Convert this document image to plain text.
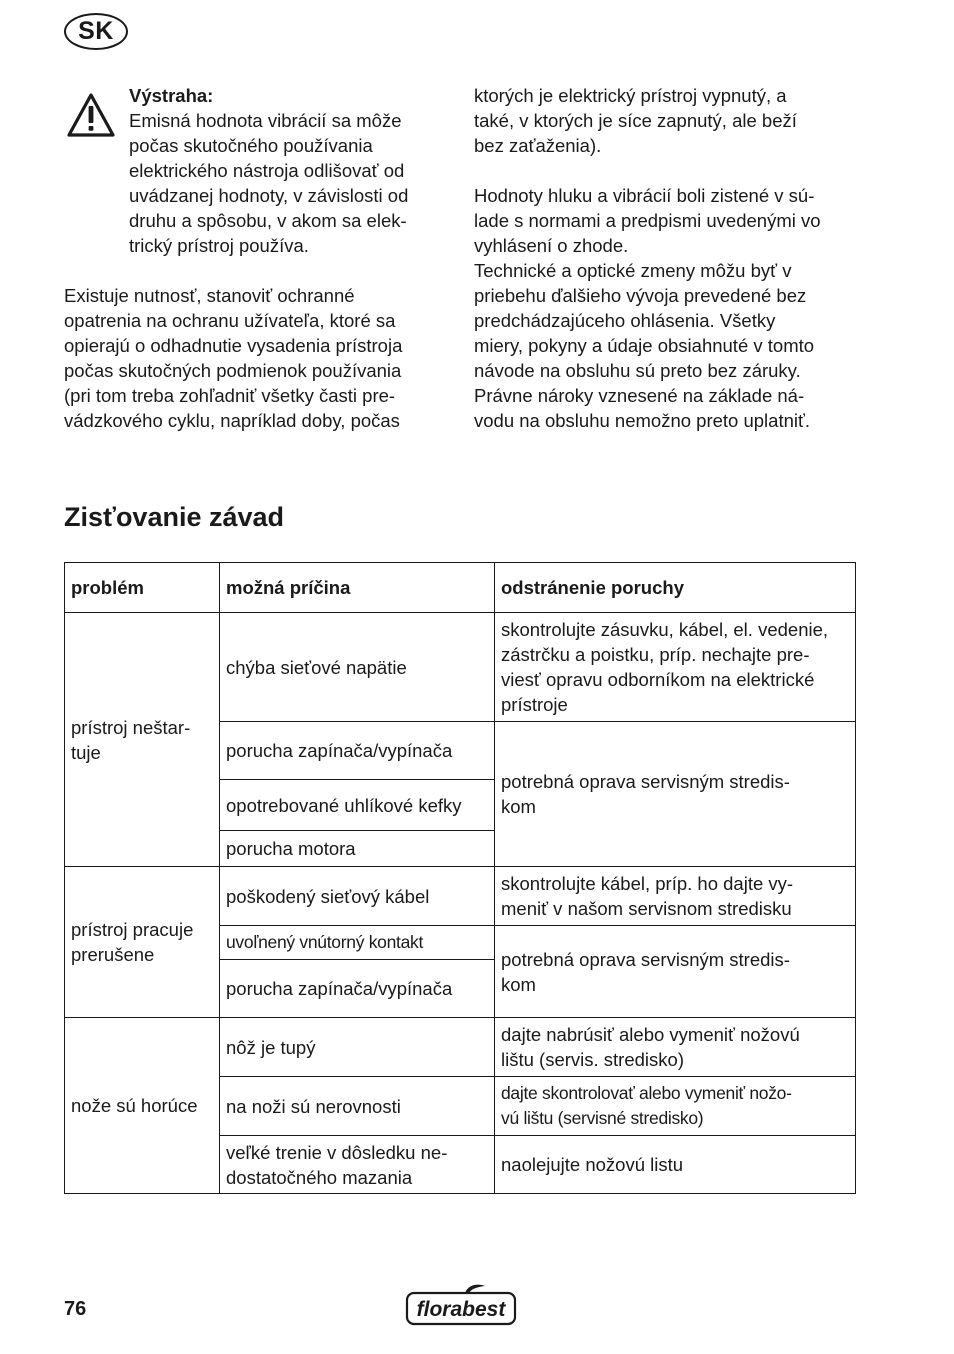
SK

Výstraha:

Emisná hodnota vibrácií sa môže

počas skutočného používania

elektrického nástroja odlišovať od

uvádzanej hodnoty, v závislosti od

druhu a spôsobu, v akom sa elek-

trický prístroj používa.

Existuje nutnosť, stanoviť ochranné

opatrenia na ochranu užívateľa, ktoré sa

opierajú o odhadnutie vysadenia prístroja

počas skutočných podmienok používania

(pri tom treba zohľadniť všetky časti pre-

vádzkového cyklu, napríklad doby, počas

ktorých je elektrický prístroj vypnutý, a

také, v ktorých je síce zapnutý, ale beží

bez zaťaženia).

Hodnoty hluku a vibrácií boli zistené v sú-

lade s normami a predpismi uvedenými vo

vyhlásení o zhode.

Technické a optické zmeny môžu byť v

priebehu ďalšieho vývoja prevedené bez

predchádzajúceho ohlásenia. Všetky

miery, pokyny a údaje obsiahnuté v tomto

návode na obsluhu sú preto bez záruky.

Právne nároky vznesené na základe ná-

vodu na obsluhu nemožno preto uplatniť.

Zisťovanie závad
problém	možná príčina	odstránenie poruchy
prístroj neštar-
tuje	chýba sieťové napätie	skontrolujte zásuvku, kábel, el. vedenie,
zástrčku a poistku, príp. nechajte pre-
viesť opravu odborníkom na elektrické
prístroje
	porucha zapínača/vypínača	potrebná oprava servisným stredis-
kom
	opotrebované uhlíkové kefky	
	porucha motora	
prístroj pracuje
prerušene	poškodený sieťový kábel	skontrolujte kábel, príp. ho dajte vy-
meniť v našom servisnom stredisku
	uvoľnený vnútorný kontakt	potrebná oprava servisným stredis-
kom
	porucha zapínača/vypínača	
nože sú horúce	nôž je tupý	dajte nabrúsiť alebo vymeniť nožovú
lištu (servis. stredisko)
	na noži sú nerovnosti	dajte skontrolovať alebo vymeniť nožo-
vú lištu (servisné stredisko)
	veľké trenie v dôsledku ne-
dostatočného mazania	naolejujte nožovú listu
76	florabest
